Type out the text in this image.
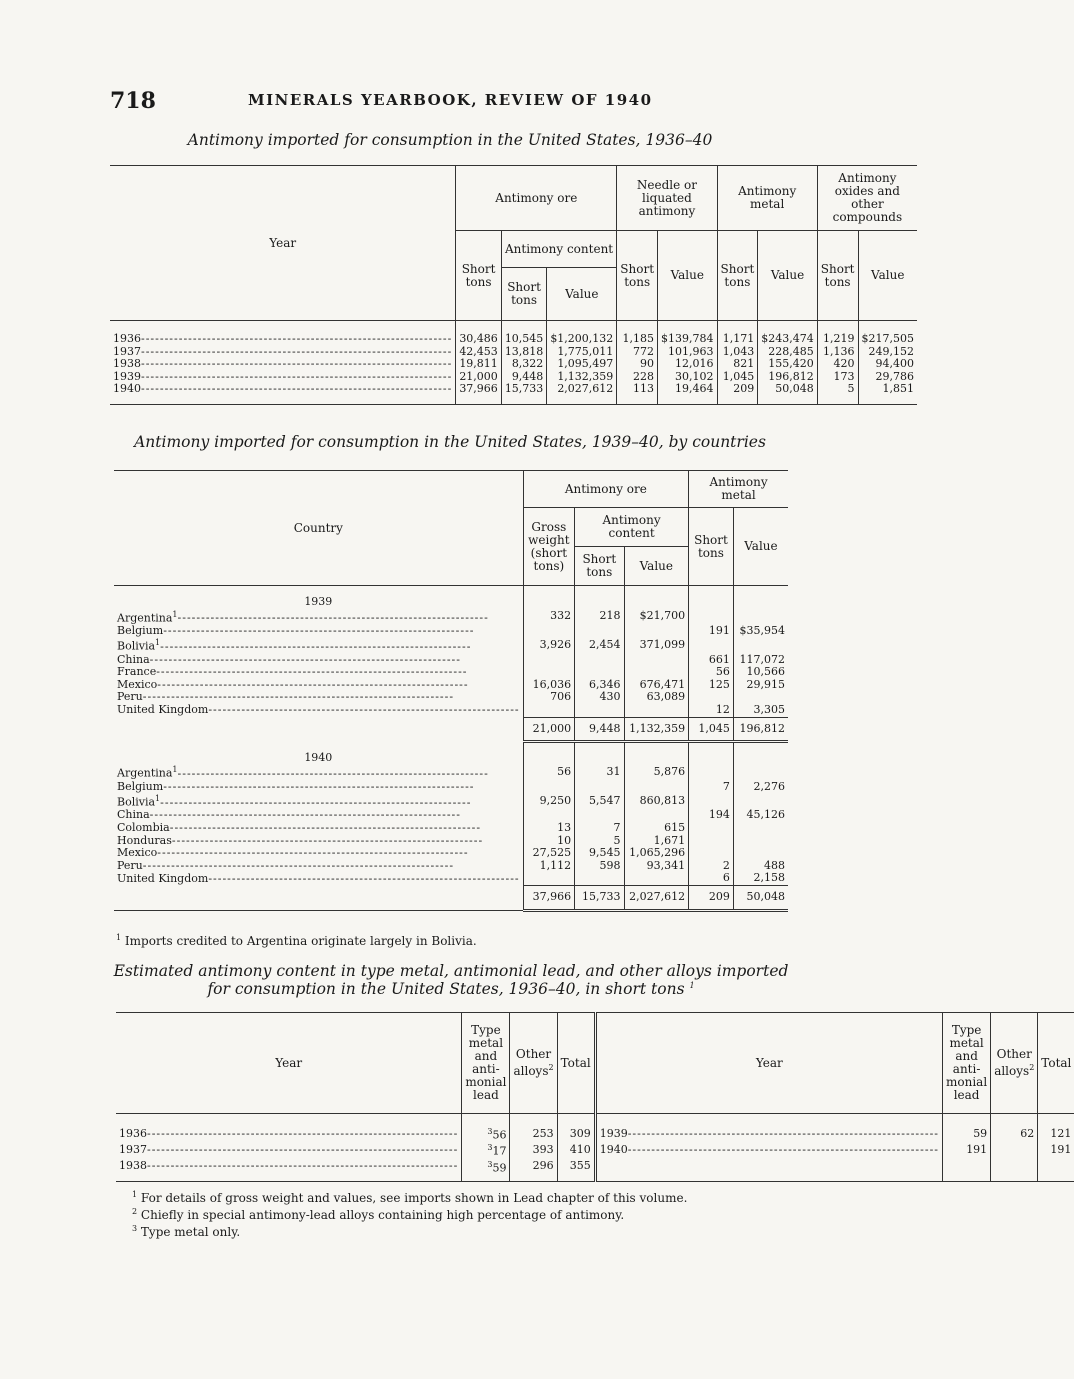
718	MINERALS YEARBOOK, REVIEW OF 1940
Antimony imported for consumption in the United States, 1936–40
Year	Antimony ore			Needle or liquated antimony		Antimony metal		Antimony oxides and other compounds	
	Short tons	Antimony content		Short tons	Value	Short tons	Value	Short tons	Value
		Short tons	Value						
1936 -----	30,486	10,545	$1,200,132	1,185	$139,784	1,171	$243,474	1,219	$217,505
1937 -----	42,453	13,818	1,775,011	772	101,963	1,043	228,485	1,136	249,152
1938 -----	19,811	8,322	1,095,497	90	12,016	821	155,420	420	94,400
1939 -----	21,000	9,448	1,132,359	228	30,102	1,045	196,812	173	29,786
1940 -----	37,966	15,733	2,027,612	113	19,464	209	50,048	5	1,851
Antimony imported for consumption in the United States, 1939–40, by countries
Country	Antimony ore			Antimony metal	
	Gross weight (short tons)	Antimony content		Short tons	Value
		Short tons	Value		
1939					
Argentina$^1$ -----	332	218	$21,700		
Belgium -----				191	$35,954
Bolivia$^1$ -----	3,926	2,454	371,099		
China -----				661	117,072
France -----				56	10,566
Mexico -----	16,036	6,346	676,471	125	29,915
Peru -----	706	430	63,089		
United Kingdom -----				12	3,305
	21,000	9,448	1,132,359	1,045	196,812
1940					
Argentina$^1$ -----	56	31	5,876		
Belgium -----				7	2,276
Bolivia$^1$ -----	9,250	5,547	860,813		
China -----				194	45,126
Colombia -----	13	7	615		
Honduras -----	10	5	1,671		
Mexico -----	27,525	9,545	1,065,296		
Peru -----	1,112	598	93,341	2	488
United Kingdom -----				6	2,158
	37,966	15,733	2,027,612	209	50,048
$^1$ Imports credited to Argentina originate largely in Bolivia.
Estimated antimony content in type metal, antimonial lead, and other alloys imported
for consumption in the United States, 1936–40, in short tons $^1$
Year	Type metal and anti-monial lead	Other alloys$^2$	Total	Year	Type metal and anti-monial lead	Other alloys$^2$	Total
1936 -----	$^3$56	253	309	1939 -----	59	62	121
1937 -----	$^3$17	393	410	1940 -----	191		191
1938 -----	$^3$59	296	355				
$^1$ For details of gross weight and values, see imports shown in Lead chapter of this volume.
$^2$ Chiefly in special antimony-lead alloys containing high percentage of antimony.
$^3$ Type metal only.
